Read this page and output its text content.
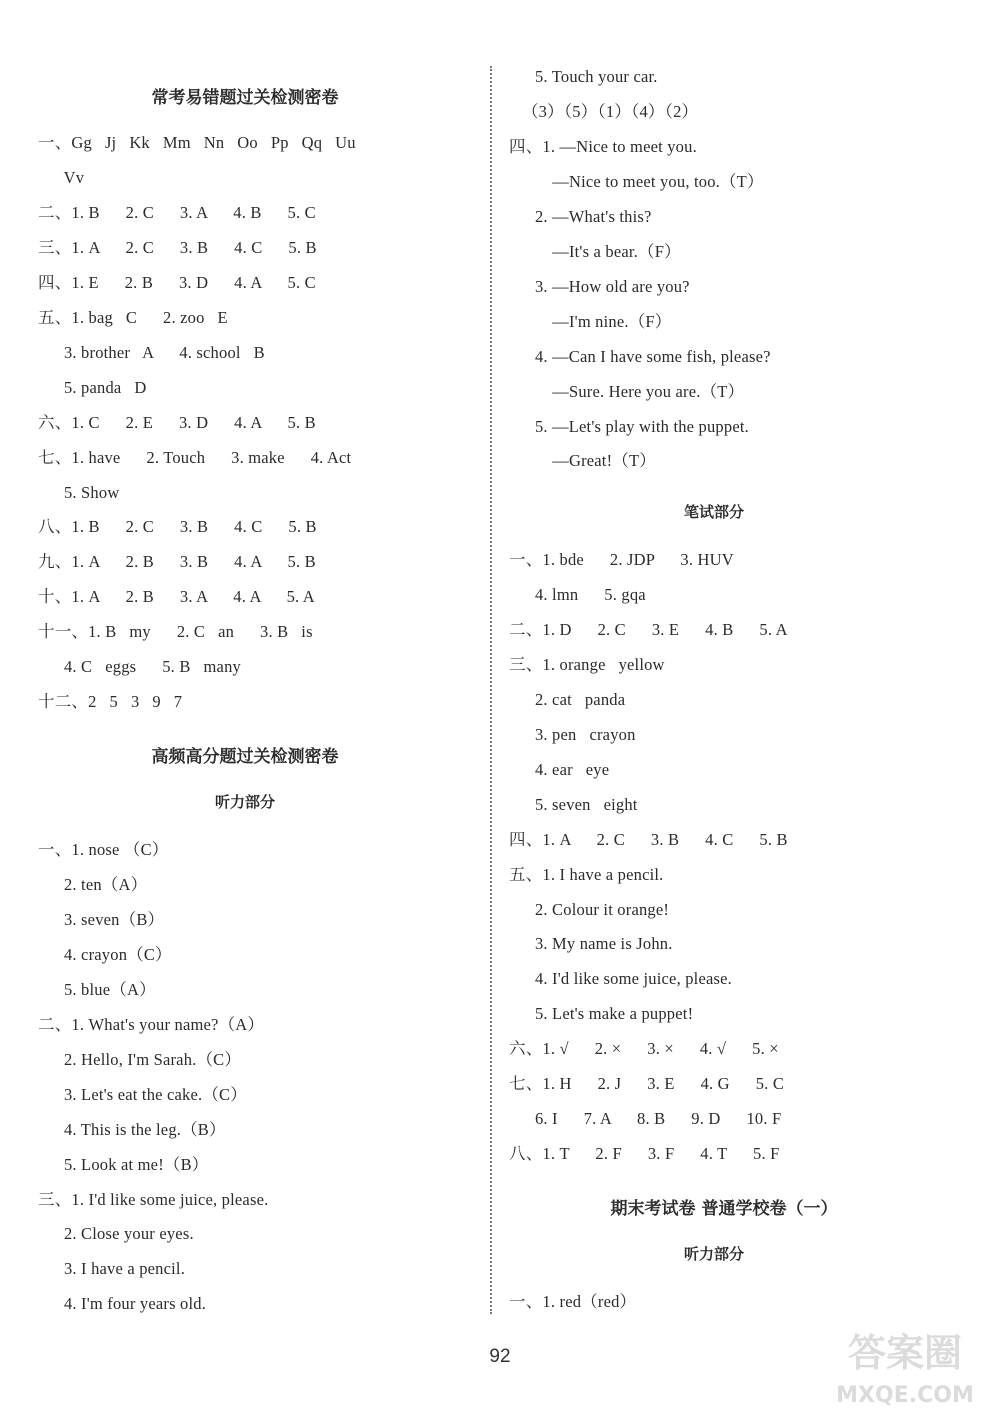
常考易错题过关检测密卷
一、Gg   Jj   Kk   Mm   Nn   Oo   Pp   Qq   Uu
Vv
二、1. B      2. C      3. A      4. B      5. C
三、1. A      2. C      3. B      4. C      5. B
四、1. E      2. B      3. D      4. A      5. C
五、1. bag   C      2. zoo   E
3. brother   A      4. school   B
5. panda   D
六、1. C      2. E      3. D      4. A      5. B
七、1. have      2. Touch      3. make      4. Act
5. Show
八、1. B      2. C      3. B      4. C      5. B
九、1. A      2. B      3. B      4. A      5. B
十、1. A      2. B      3. A      4. A      5. A
十一、1. B   my      2. C   an      3. B   is
4. C   eggs      5. B   many
十二、2   5   3   9   7
高频高分题过关检测密卷
听力部分
一、1. nose （C）
2. ten（A）
3. seven（B）
4. crayon（C）
5. blue（A）
二、1. What's your name?（A）
2. Hello, I'm Sarah.（C）
3. Let's eat the cake.（C）
4. This is the leg.（B）
5. Look at me!（B）
三、1. I'd like some juice, please.
2. Close your eyes.
3. I have a pencil.
4. I'm four years old.
5. Touch your car.
（3）（5）（1）（4）（2）
四、1. —Nice to meet you.
—Nice to meet you, too.（T）
2. —What's this?
—It's a bear.（F）
3. —How old are you?
—I'm nine.（F）
4. —Can I have some fish, please?
—Sure. Here you are.（T）
5. —Let's play with the puppet.
—Great!（T）
笔试部分
一、1. bde      2. JDP      3. HUV
4. lmn      5. gqa
二、1. D      2. C      3. E      4. B      5. A
三、1. orange   yellow
2. cat   panda
3. pen   crayon
4. ear   eye
5. seven   eight
四、1. A      2. C      3. B      4. C      5. B
五、1. I have a pencil.
2. Colour it orange!
3. My name is John.
4. I'd like some juice, please.
5. Let's make a puppet!
六、1. √      2. ×      3. ×      4. √      5. ×
七、1. H      2. J      3. E      4. G      5. C
6. I      7. A      8. B      9. D      10. F
八、1. T      2. F      3. F      4. T      5. F
期末考试卷 普通学校卷（一）
听力部分
一、1. red（red）
92	答案圈
MXQE.COM
